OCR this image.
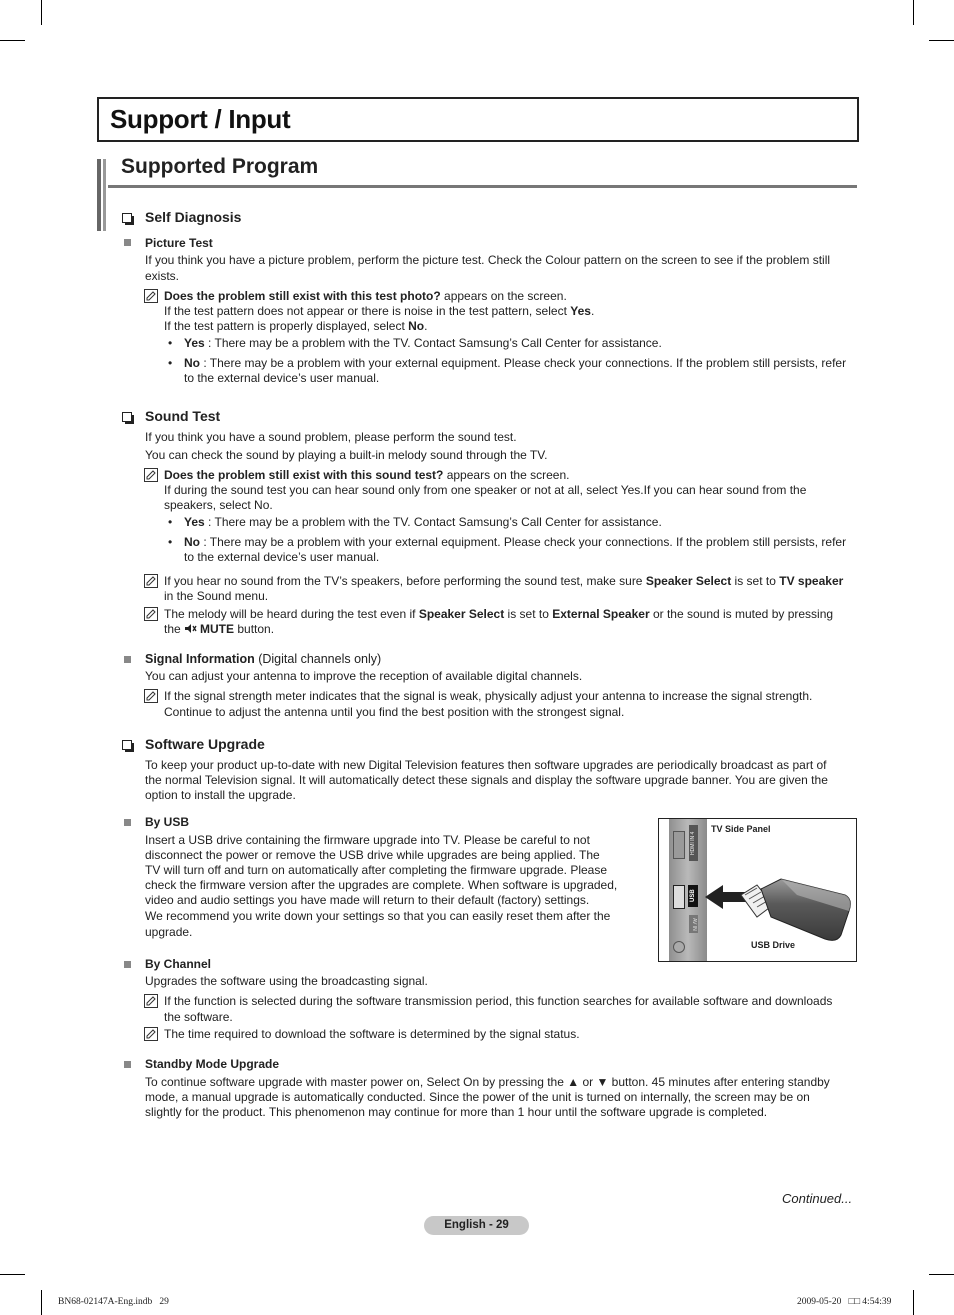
Support / Input
Supported Program
Self Diagnosis
Picture Test
If you think you have a picture problem, perform the picture test. Check the Colour pattern on the screen to see if the problem still
exists.
Does the problem still exist with this test photo? appears on the screen.
If the test pattern does not appear or there is noise in the test pattern, select Yes.
If the test pattern is properly displayed, select No.
• Yes : There may be a problem with the TV. Contact Samsung’s Call Center for assistance.
• No : There may be a problem with your external equipment. Please check your connections. If the problem still persists, refer
to the external device’s user manual.
Sound Test
If you think you have a sound problem, please perform the sound test.
You can check the sound by playing a built-in melody sound through the TV.
Does the problem still exist with this sound test? appears on the screen.
If during the sound test you can hear sound only from one speaker or not at all, select Yes.If you can hear sound from the
speakers, select No.
• Yes : There may be a problem with the TV. Contact Samsung’s Call Center for assistance.
• No : There may be a problem with your external equipment. Please check your connections. If the problem still persists, refer
to the external device’s user manual.
If you hear no sound from the TV’s speakers, before performing the sound test, make sure Speaker Select is set to TV speaker
in the Sound menu.
The melody will be heard during the test even if Speaker Select is set to External Speaker or the sound is muted by pressing
the MUTE button.
Signal Information (Digital channels only)
You can adjust your antenna to improve the reception of available digital channels.
If the signal strength meter indicates that the signal is weak, physically adjust your antenna to increase the signal strength.
Continue to adjust the antenna until you find the best position with the strongest signal.
Software Upgrade
To keep your product up-to-date with new Digital Television features then software upgrades are periodically broadcast as part of
the normal Television signal. It will automatically detect these signals and display the software upgrade banner. You are given the
option to install the upgrade.
By USB
Insert a USB drive containing the firmware upgrade into TV. Please be careful to not
disconnect the power or remove the USB drive while upgrades are being applied. The
TV will turn off and turn on automatically after completing the firmware upgrade. Please
check the firmware version after the upgrades are complete. When software is upgraded,
video and audio settings you have made will return to their default (factory) settings.
We recommend you write down your settings so that you can easily reset them after the
upgrade.
HDMI IN 4
USB
AV IN
TV Side Panel
USB Drive
By Channel
Upgrades the software using the broadcasting signal.
If the function is selected during the software transmission period, this function searches for available software and downloads
the software.
The time required to download the software is determined by the signal status.
Standby Mode Upgrade
To continue software upgrade with master power on, Select On by pressing the ▲ or ▼ button. 45 minutes after entering standby
mode, a manual upgrade is automatically conducted. Since the power of the unit is turned on internally, the screen may be on
slightly for the product. This phenomenon may continue for more than 1 hour until the software upgrade is completed.
Continued...
English - 29
BN68-02147A-Eng.indb   29	2009-05-20   □□ 4:54:39
